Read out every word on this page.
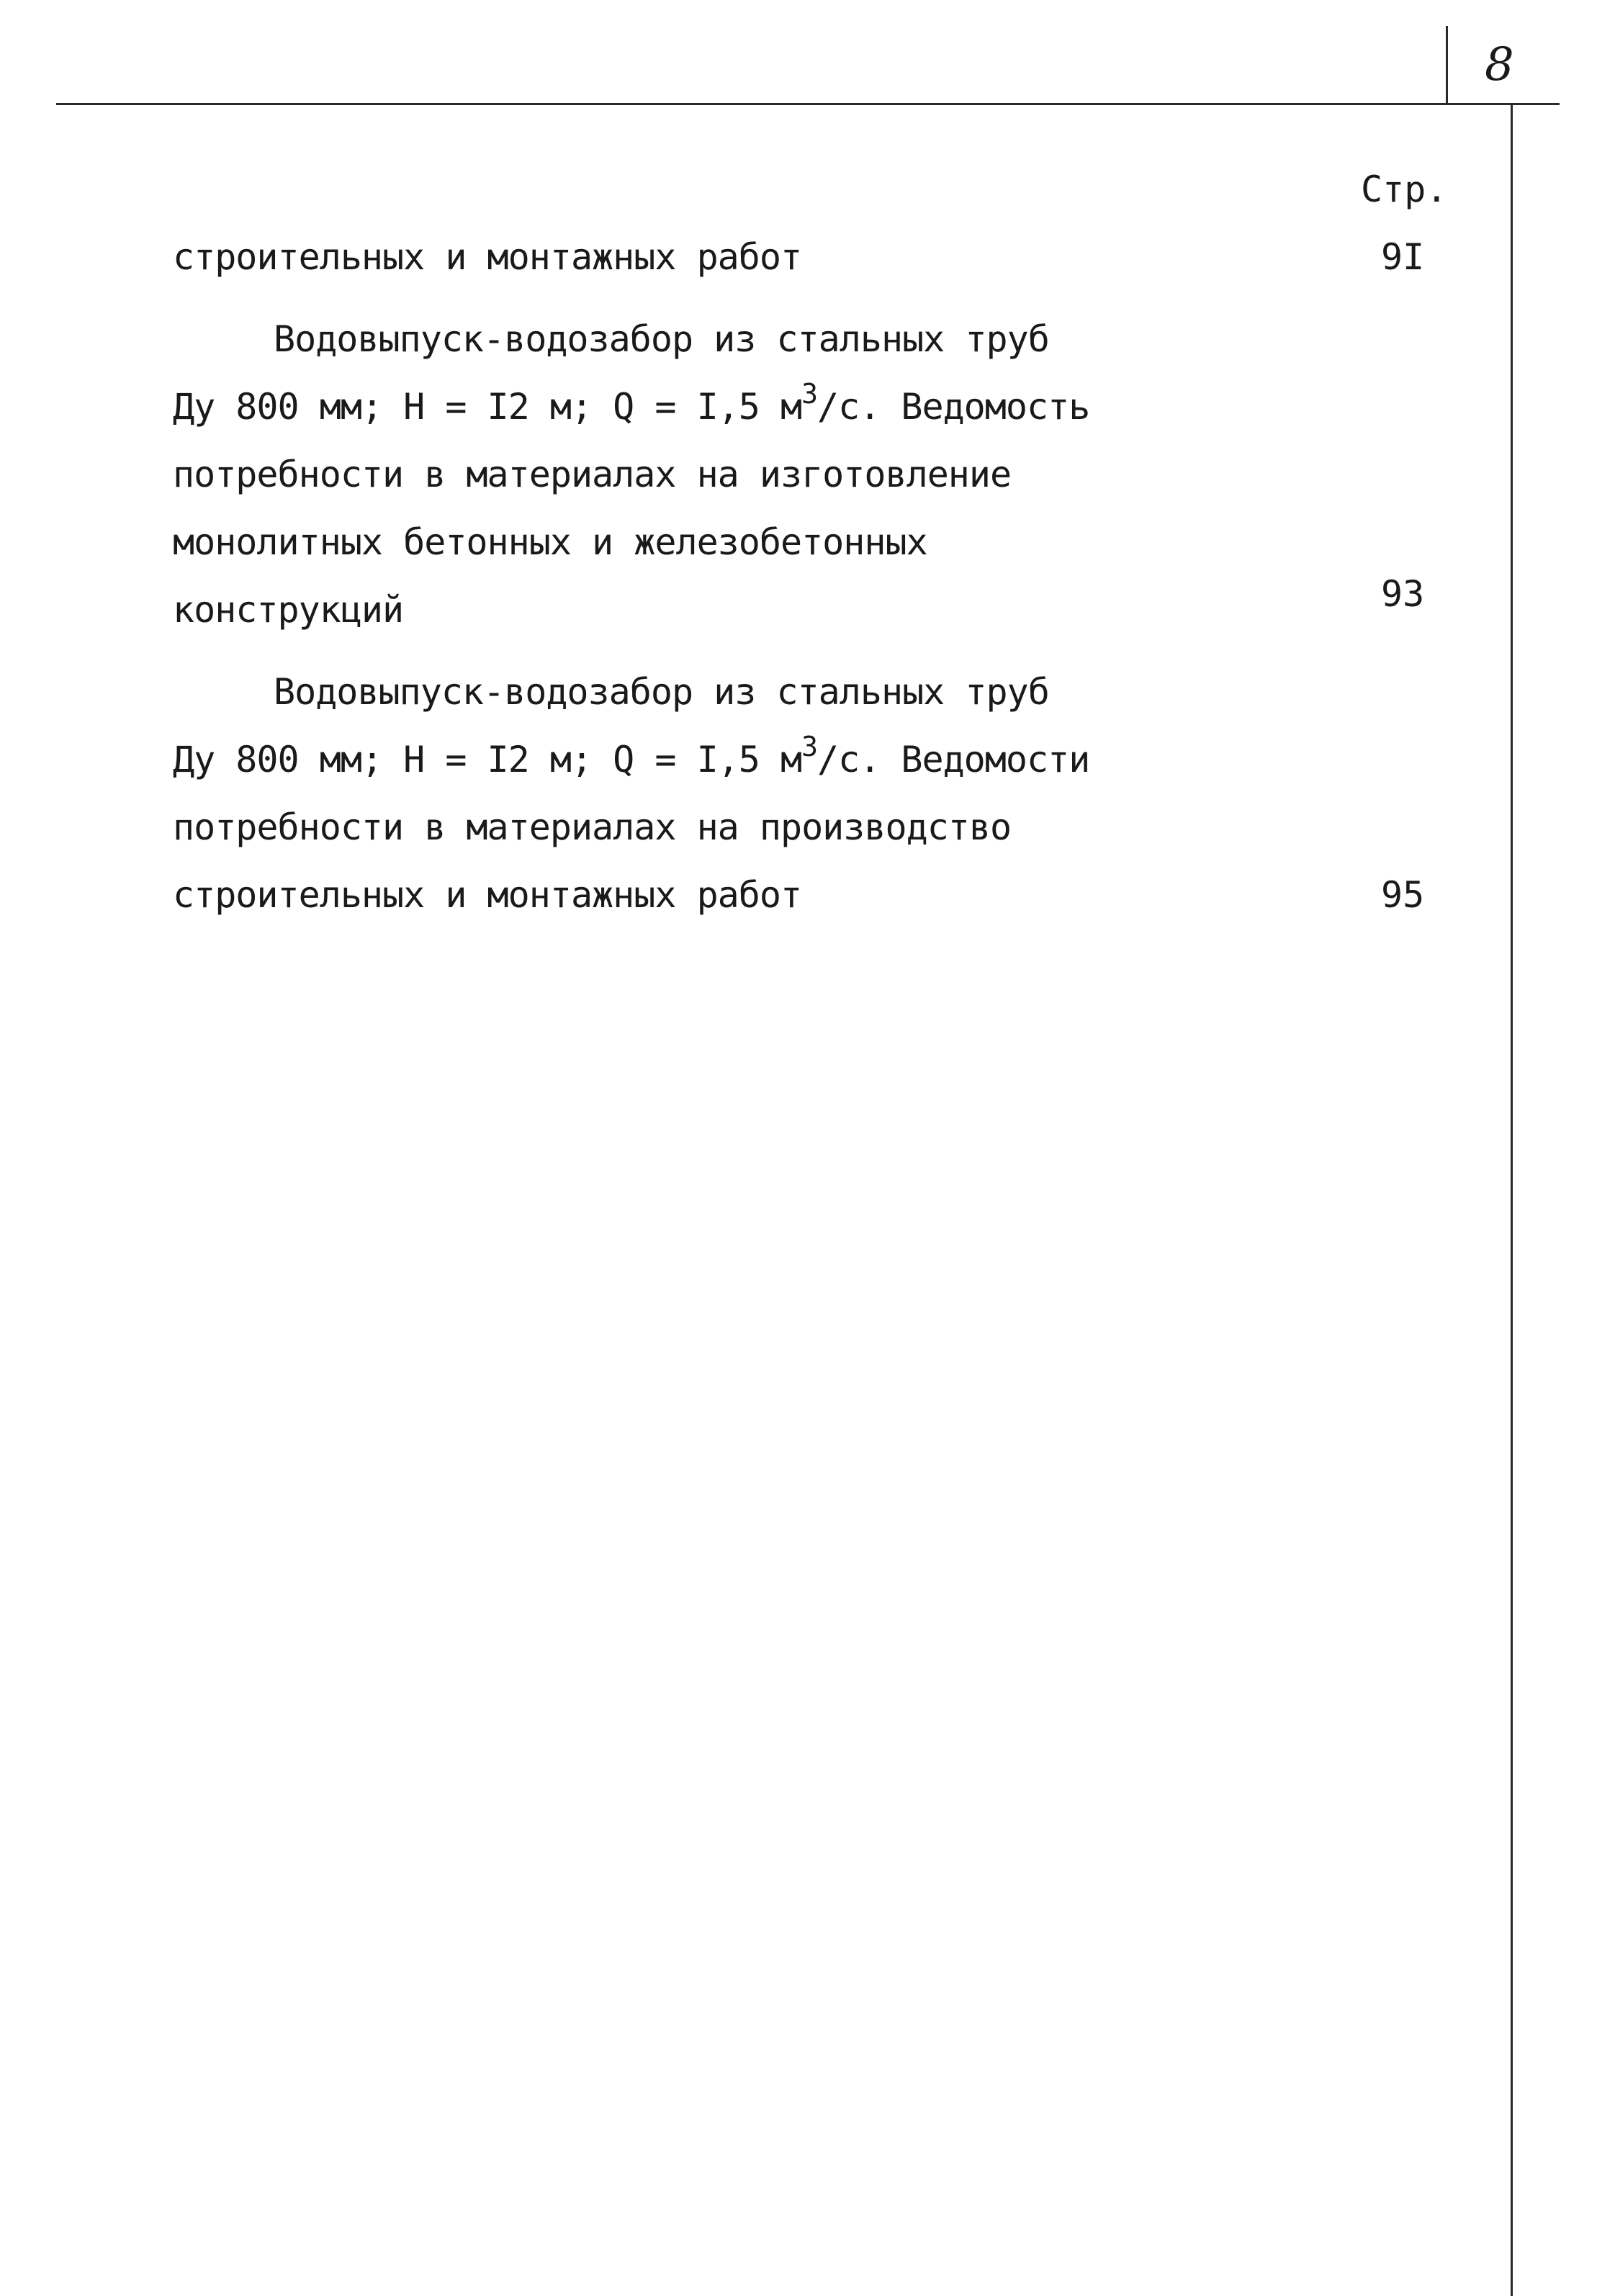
8
Стр.
строительных и монтажных работ	9I
Водовыпуск-водозабор из стальных труб
Ду 800 мм; Н = I2 м; Q = I,5 $м^3/с$. Ведомость
потребности в материалах на изготовление
монолитных бетонных и железобетонных
конструкций	93
Водовыпуск-водозабор из стальных труб
Ду 800 мм; Н = I2 м; Q = I,5 $м^3/с$. Ведомости
потребности в материалах на производство
строительных и монтажных работ	95
